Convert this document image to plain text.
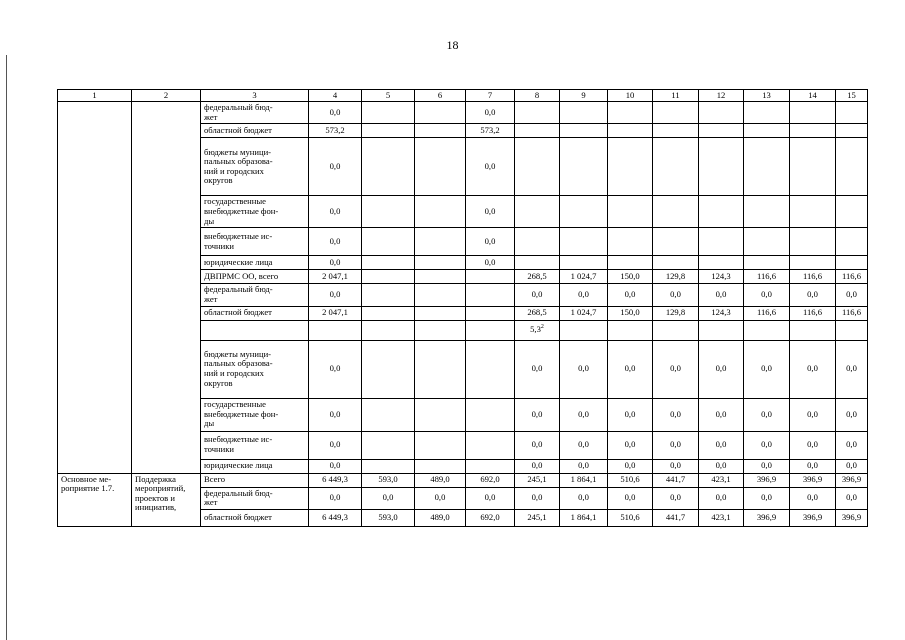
18
1	2	3	4	5	6	7	8	9	10	11	12	13	14	15
		федеральный бюд-
жет	0,0			0,0								
		областной бюджет	573,2			573,2								
		бюджеты муници-
пальных образова-
ний и городских
округов	0,0			0,0								
		государственные
внебюджетные фон-
ды	0,0			0,0								
		внебюджетные ис-
точники	0,0			0,0								
		юридические лица	0,0			0,0								
		ДВПРМС ОО, всего	2 047,1				268,5	1 024,7	150,0	129,8	124,3	116,6	116,6	116,6
		федеральный бюд-
жет	0,0				0,0	0,0	0,0	0,0	0,0	0,0	0,0	0,0
		областной бюджет	2 047,1				268,5	1 024,7	150,0	129,8	124,3	116,6	116,6	116,6
							$5,3^2$							
		бюджеты муници-
пальных образова-
ний и городских
округов	0,0				0,0	0,0	0,0	0,0	0,0	0,0	0,0	0,0
		государственные
внебюджетные фон-
ды	0,0				0,0	0,0	0,0	0,0	0,0	0,0	0,0	0,0
		внебюджетные ис-
точники	0,0				0,0	0,0	0,0	0,0	0,0	0,0	0,0	0,0
		юридические лица	0,0				0,0	0,0	0,0	0,0	0,0	0,0	0,0	0,0
Основное ме-
роприятие 1.7.	Поддержка
мероприятий,
проектов и
инициатив,	Всего	6 449,3	593,0	489,0	692,0	245,1	1 864,1	510,6	441,7	423,1	396,9	396,9	396,9
		федеральный бюд-
жет	0,0	0,0	0,0	0,0	0,0	0,0	0,0	0,0	0,0	0,0	0,0	0,0
		областной бюджет	6 449,3	593,0	489,0	692,0	245,1	1 864,1	510,6	441,7	423,1	396,9	396,9	396,9
